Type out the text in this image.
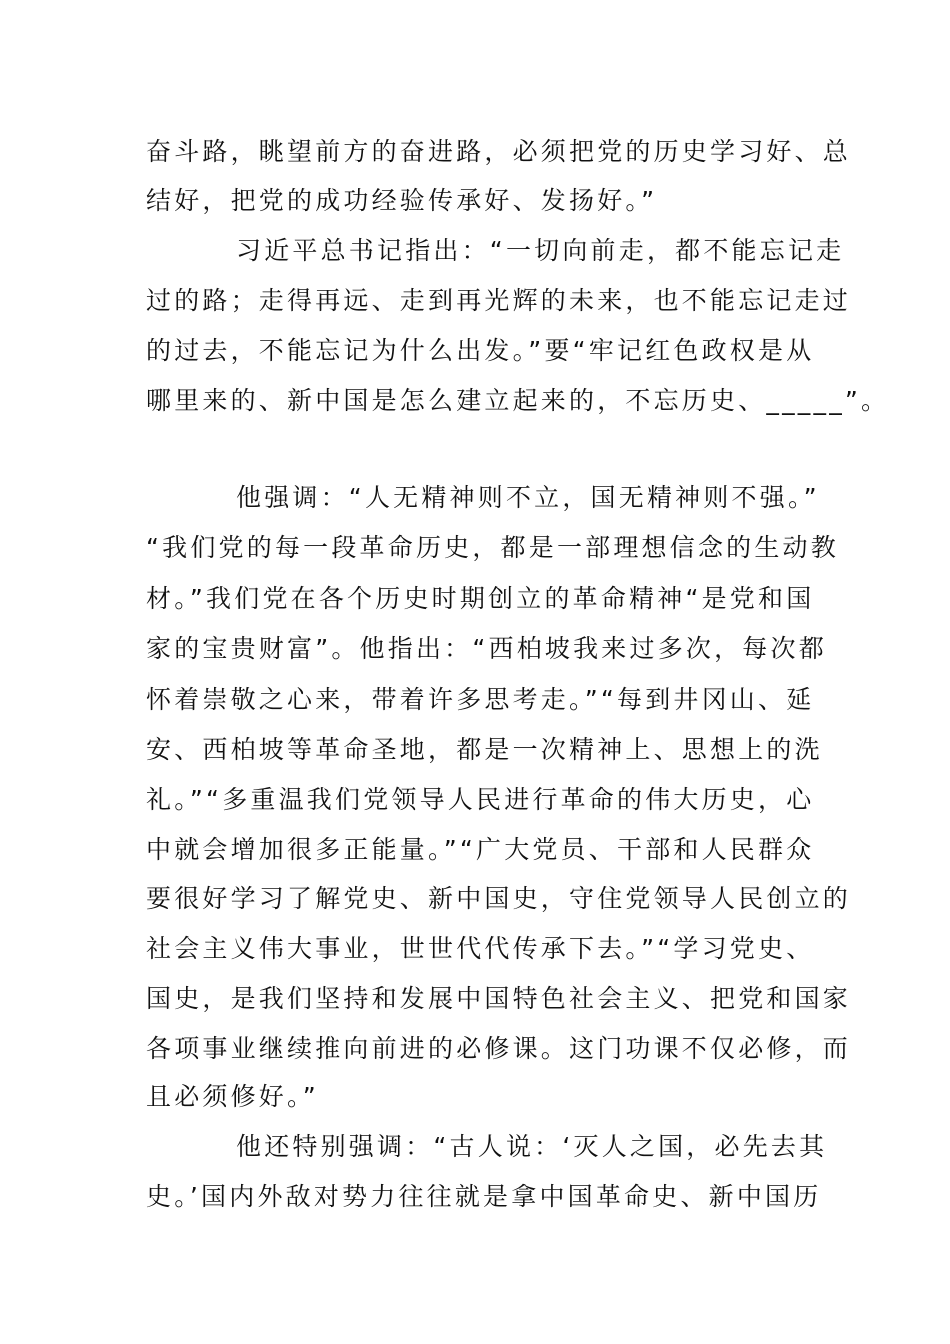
奋斗路，眺望前方的奋进路，必须把党的历史学习好、总

结好，把党的成功经验传承好、发扬好。”

习近平总书记指出：“一切向前走，都不能忘记走

过的路；走得再远、走到再光辉的未来，也不能忘记走过

的过去，不能忘记为什么出发。”要“牢记红色政权是从

哪里来的、新中国是怎么建立起来的，不忘历史、_____”。

他强调：“人无精神则不立，国无精神则不强。”

“我们党的每一段革命历史，都是一部理想信念的生动教

材。”我们党在各个历史时期创立的革命精神“是党和国

家的宝贵财富”。他指出：“西柏坡我来过多次，每次都

怀着崇敬之心来，带着许多思考走。”“每到井冈山、延

安、西柏坡等革命圣地，都是一次精神上、思想上的洗

礼。”“多重温我们党领导人民进行革命的伟大历史，心

中就会增加很多正能量。”“广大党员、干部和人民群众

要很好学习了解党史、新中国史，守住党领导人民创立的

社会主义伟大事业，世世代代传承下去。”“学习党史、

国史，是我们坚持和发展中国特色社会主义、把党和国家

各项事业继续推向前进的必修课。这门功课不仅必修，而

且必须修好。”

他还特别强调：“古人说：‘灭人之国，必先去其

史。’国内外敌对势力往往就是拿中国革命史、新中国历
